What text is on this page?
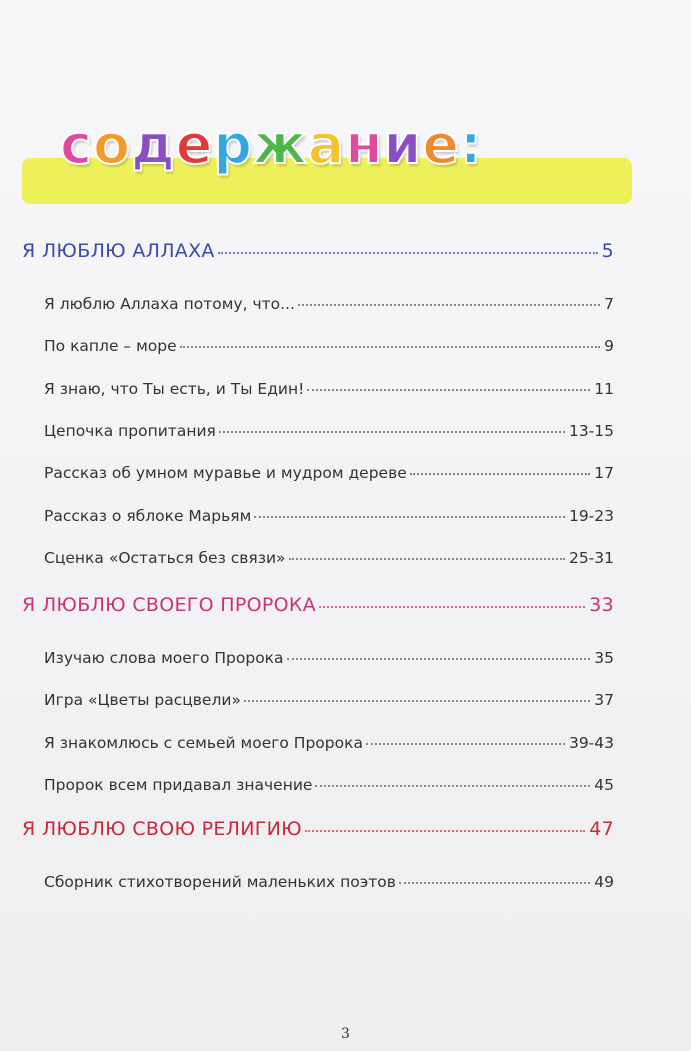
содержание:
Я ЛЮБЛЮ АЛЛАХА	5
Я люблю Аллаха потому, что...	7
По капле – море	9
Я знаю, что Ты есть, и Ты Един!	11
Цепочка пропитания	13-15
Рассказ об умном муравье и мудром дереве	17
Рассказ о яблоке Марьям	19-23
Сценка «Остаться без связи»	25-31
Я ЛЮБЛЮ СВОЕГО ПРОРОКА	33
Изучаю слова моего Пророка	35
Игра «Цветы расцвели»	37
Я знакомлюсь с семьей моего Пророка	39-43
Пророк всем придавал значение	45
Я ЛЮБЛЮ СВОЮ РЕЛИГИЮ	47
Сборник стихотворений маленьких поэтов	49
3
